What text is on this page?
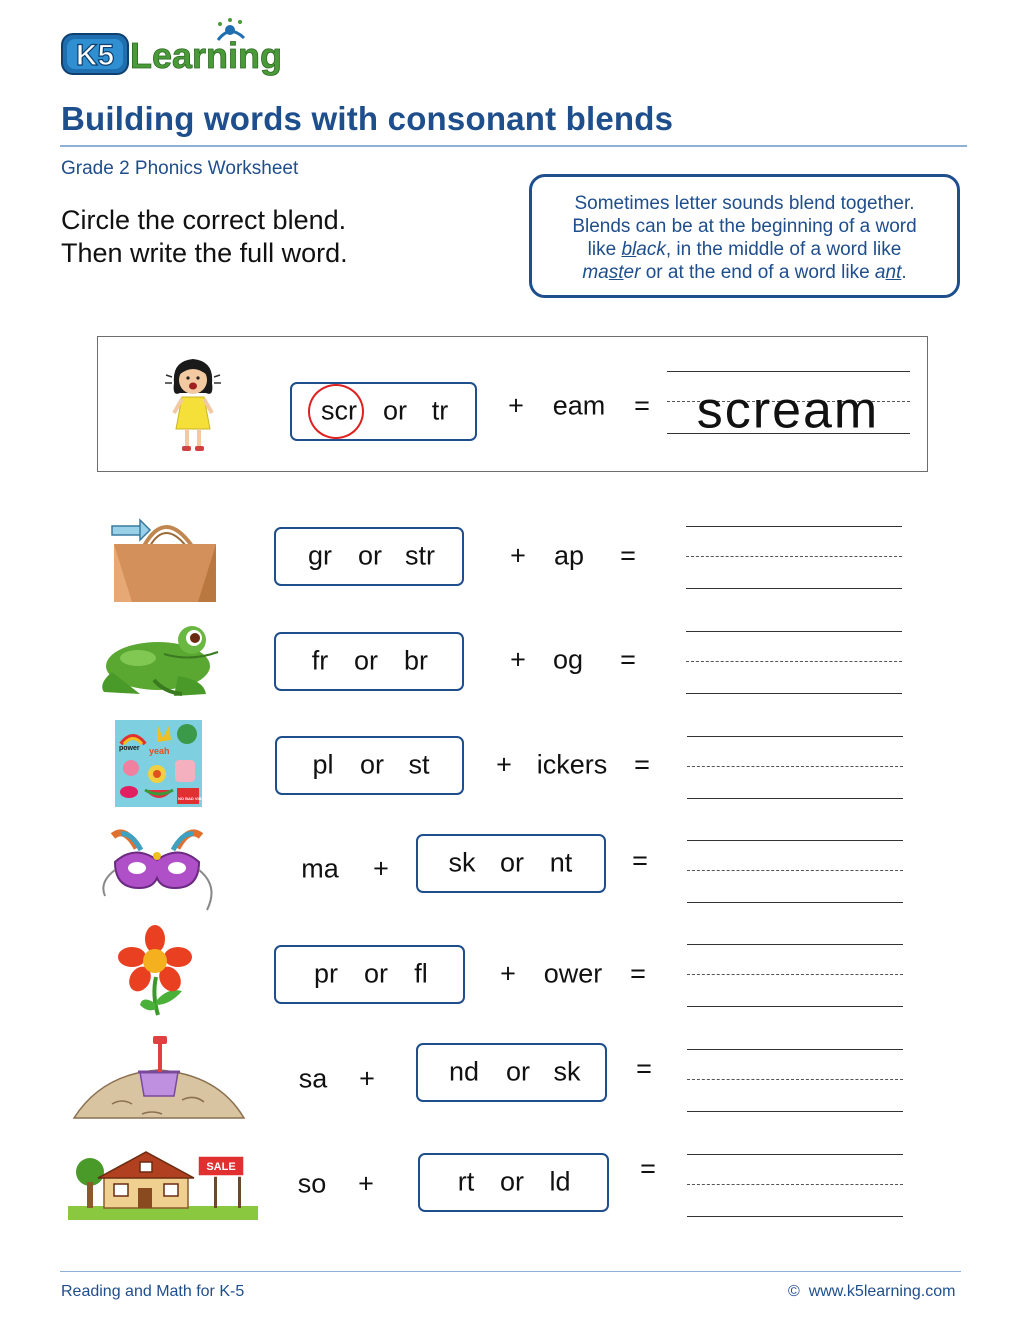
K5 Learning
Building words with consonant blends
Grade 2 Phonics Worksheet
Circle the correct blend.
Then write the full word.
Sometimes letter sounds blend together.
Blends can be at the beginning of a word
like black, in the middle of a word like
master or at the end of a word like ant.
scr or tr + eam = scream
gr or str	+ ap =
fr or br	+ og =
power yeah
NO BAD VIBES
pl or st + ickers =
ma + sk or nt =
pr or fl	+ ower =
sa +	nd or sk =
SALE
so +	rt or ld	=
Reading and Math for K-5	© www.k5learning.com
